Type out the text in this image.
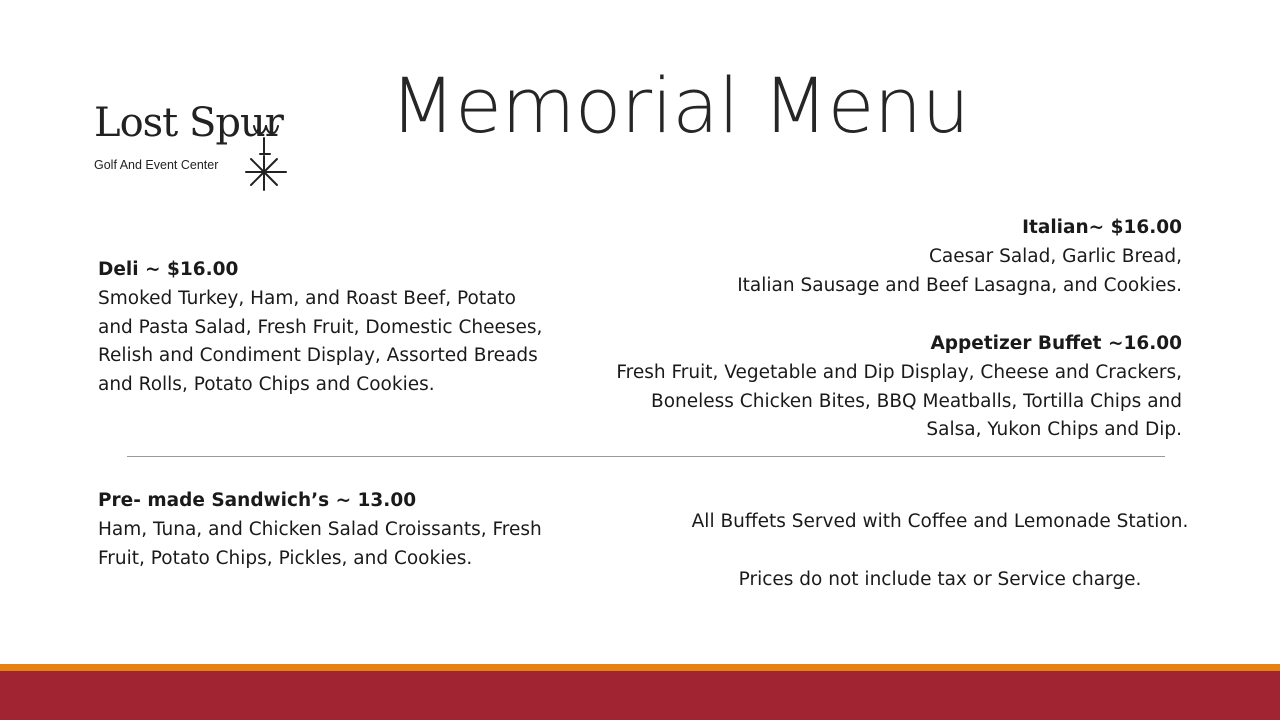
Lost Spur
Golf And Event Center
Memorial Menu
Deli ~ $16.00
Smoked Turkey, Ham, and Roast Beef, Potato and Pasta Salad, Fresh Fruit, Domestic Cheeses, Relish and Condiment Display, Assorted Breads and Rolls, Potato Chips and Cookies.
Italian~ $16.00
Caesar Salad, Garlic Bread,
Italian Sausage and Beef Lasagna, and Cookies.
Appetizer Buffet ~16.00
Fresh Fruit, Vegetable and Dip Display, Cheese and Crackers, Boneless Chicken Bites, BBQ Meatballs, Tortilla Chips and Salsa, Yukon Chips and Dip.
Pre- made Sandwich’s ~ 13.00
Ham, Tuna, and Chicken Salad Croissants, Fresh Fruit, Potato Chips, Pickles, and Cookies.

All Buffets Served with Coffee and Lemonade Station.

Prices do not include tax or Service charge.
